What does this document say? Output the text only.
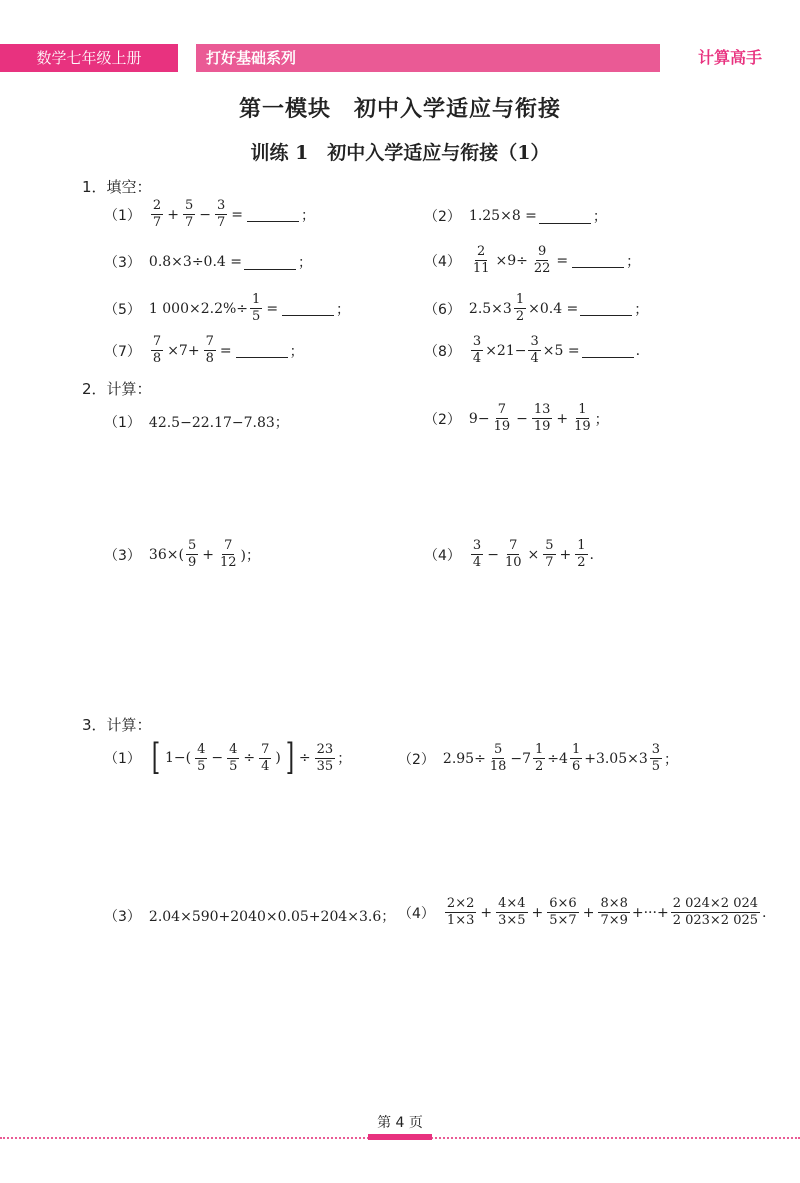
数学七年级上册	打好基础系列	计算高手
第一模块　初中入学适应与衔接
训练 1　初中入学适应与衔接（1）
1．填空：
$(1) \frac{2}{7} + \frac{5}{7} - \frac{3}{7}$ =	；	（2） 1.25×8 =	；
（3） 0.8×3÷0.4 =	；	$(4) \frac{2}{11} \times 9\div \frac{9}{22}$ =	；
（5） 1 $000\times 2.2\%\div \frac{1}{5}$ =	；	（6） $2.5\times 3 \frac{1}{2} \times 0.4$ =	；
$(7) \frac{7}{8} \times 7+ \frac{7}{8}$ =	；	$(8) \frac{3}{4} \times 21- \frac{3}{4} \times 5$ =	.
2．计算：
（1） 42.5−22.17−7.83；	（2） $9- \frac{7}{19} - \frac{13}{19} + \frac{1}{19}$ ；
（3） $36\times( \frac{5}{9} + \frac{7}{12}$ )；	$(4) \frac{3}{4} - \frac{7}{10} \times \frac{5}{7} + \frac{1}{2}$ .
3．计算：
（1） [ $1-( \frac{4}{5} - \frac{4}{5} \div \frac{7}{4}$ ) ] ÷ $\frac{23}{35}$ ；	（2） $2.95\div \frac{5}{18} -7 \frac{1}{2} \div 4 \frac{1}{6} +3.05\times 3 \frac{3}{5}$ ；
（3） 2.04×590+2040×0.05+204×3.6； $(4) \frac{2\times 2}{1\times 3} + \frac{4\times 4}{3\times 5} + \frac{6\times 6}{5\times 7} + \frac{8\times 8}{7\times 9}$ +···+ $\frac{2 024\times 2 024}{2 023\times 2 025}$ .
第 4 页
